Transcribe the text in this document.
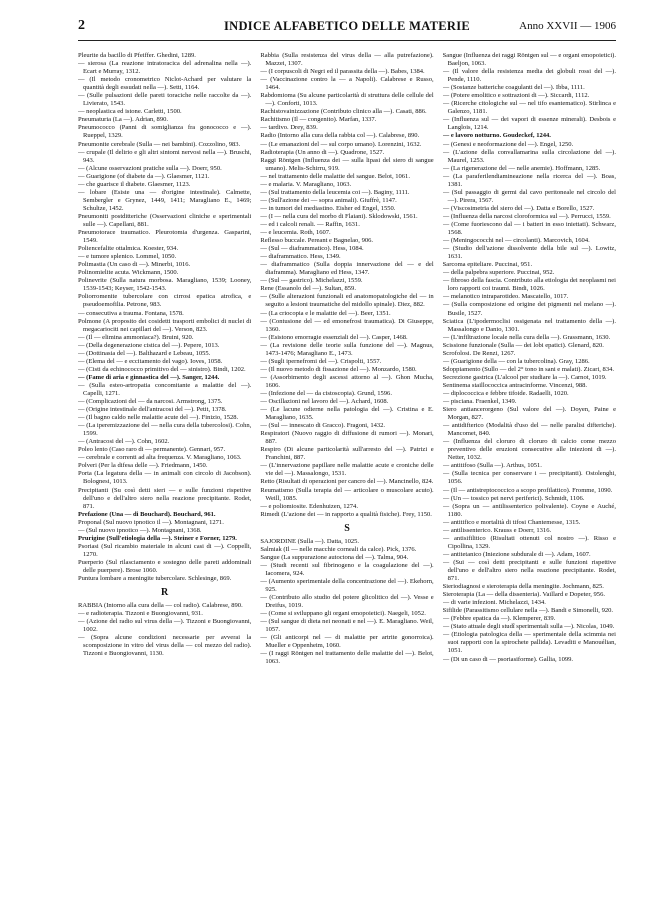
2	INDICE ALFABETICO DELLE MATERIE	Anno XXVII — 1906

Pleurite da bacillo di Pfeiffer. Ghedini, 1289.

— sierosa (La reazione intratoracica del adrenalina nella —). Ecart e Murray, 1312.

— (Il metodo cronometrico Niclot-Achard per valutare la quantità degli essudati nella —). Setti, 1164.

— (Sulle pulsazioni delle pareti toraciche nelle raccolte da —). Livierato, 1543.

— neoplastica ed istone. Carletti, 1500.

Pneumaturia (La —). Adrian, 890.

Pneumococco (Panni di somiglianza fra gonococco e —). Rueppel, 1329.

Pneumonite cerebrale (Sulla — nei bambini). Cozzolino, 983.

— crupale (Il delirio e gli altri sintomi nervosi nella —). Bruschi, 943.

— (Alcune osservazioni pratiche sulla —). Doerr, 950.

— Guarigione (of diabete da —). Glaesmer, 1121.

— che guarisce il diabete. Glaesmer, 1123.

— lobare (Esiste una — d'origine intestinale). Calmette, Sembergler e Grynez, 1449, 1411; Maragliano E., 1469; Schultze, 1452.

Pneumoniti postditteriche (Osservazioni cliniche e sperimentali sulle —). Capellani, 881.

Pneumotorace traumatico. Pleurotomia d'urgenza. Gasparini, 1549.

Poliencefalite ottalmica. Koester, 934.

— e tumore splenico. Lommel, 1050.

Polimastia (Un caso di —). Minerbi, 1016.

Polinomielite acuta. Wickmann, 1500.

Polinevrite (Sulla natura morbosa. Maragliano, 1539; Looney, 1539-1543; Keyser, 1542-1543.

Poliorromenite tubercolare con cirrosi epatica atrofica, e pseudoemofilia. Petrone, 983.

— consecutiva a trauma. Fontana, 1578.

Polmone (A proposito dei cosidetti trasporti embolici di nuclei di megacariociti nei capillari del —). Verson, 823.

— (Il — elimina ammoniaca?). Bruini, 920.

— (Della degenerazione cistica del —). Pepere, 1013.

— (Dottinasia del —). Balthazard e Lebeau, 1055.

— (Elema del — e eccitamento del vago). Ioves, 1058.

— (Cisti da echinococco primitivo del — sinistro). Bindi, 1202.

— (Fame di aria e ginnastica del —). Sanger, 1244.

— (Sulla esteo-artropatia concomitante a malattie del —). Capelli, 1271.

— (Complicazioni del — da narcosi. Armstrong, 1375.

— (Origine intestinale dell'antracosi del —). Petit, 1378.

— (Il bagno caldo nelle malattie acute del —). Finizio, 1528.

— (La iperemizzazione del — nella cura della tubercolosi). Cohn, 1599.

— (Antracosi del —). Cohn, 1602.

Poleo lento (Caso raro di — permanente). Gennari, 957.

— cerebrale e correnti ad alta frequenza. V. Maragliano, 1063.

Polveri (Per la difesa delle —). Friedmann, 1450.

Porta (La legatura della — in animali con circolo di Jacobson). Bolognesi, 1013.

Precipitanti (Su così detti sieri — e sulle funzioni rispettive dell'uno e dell'altro siero nella reazione precipitante. Rodet, 871.

Prefazione (Una — di Bouchard). Bouchard, 961.

Proponal (Sul nuovo ipnotico il —). Montagnani, 1271.

— (Sul nuovo ipnotico —). Montagnani, 1368.

Prurigine (Sull'etiologia della —). Steiner e Forner, 1279.

Psoriasi (Sul ricambio materiale in alcuni casi di —). Coppelli, 1270.

Puerperio (Sul rilasciamento e sostegno delle pareti addominali delle puerpere). Brose 1060.

Puntura lombare a meningite tubercolare. Schlesinge, 869.

R

RABBIA (Intorno alla cura della — col radio). Calabrese, 890.

— e radioterapia. Tizzoni e Buongiovanni, 931.

— (Azione del radio sul virus della —). Tizzoni e Buongiovanni, 1002.

— (Sopra alcune condizioni necessarie per avverai la scomposizione in vitro del virus della — col mezzo del radio). Tizzoni e Buongiovanni, 1130.

Rabbia (Sulla resistenza del virus della — alla putrefazione). Mazzei, 1307.

— (I corpuscoli di Negri ed il parassita della —). Babes, 1384.

— (Vaccinazione contro la — a Napoli). Calabrese e Russo, 1464.

Rabdomioma (Su alcune particolarità di struttura delle cellule del —). Conforti, 1013.

Rachistovainizzazione (Contributo clinico alla —). Casati, 886.

Rachitismo (Il — congenito). Marfan, 1337.

— tardivo. Drey, 839.

Radio (Intorno alla cura della rabbia col —). Calabrese, 890.

— (Le emanazioni del — sul corpo umano). Lorenzini, 1632.

Radioterapia (Un anno di —). Quadrone, 1527.

Raggi Röntgen (Influenza dei — sulla lipasi del siero di sangue umano). Melis-Schirru, 919.

— nel trattamento delle malattie del sangue. Belot, 1061.

— e malaria. V. Maragliano, 1063.

— (Sul trattamento della leucemia coi —). Baginy, 1111.

— (Sull'azione dei — sopra animali). Giuffrè, 1147.

— in tumori del mediastino. Eisher ed Engel, 1550.

— (I — nella cura del morbo di Flaiani). Sklodowski, 1561.

— ed i calcoli renali. — Raffin, 1631.

— e leucemia. Roth, 1607.

Reflesso buccale. Pereant e Bagnelao, 906.

— (Sul — diaframmatico). Hess, 1084.

— diaframmatico. Hess, 1349.

— diaframmatico (Sulla doppia innervazione del — e del diaframma). Maragliano ed Hess, 1347.

— (Sul — gastrico). Michelazzi, 1559.

Rene (Essanolo del —). Sultan, 859.

— (Sulle alterazioni funzionali ed anatomopatologiche del — in seguito a lesioni traumatiche del midollo spinale). Diez, 882.

— (La criocopia e le malattie del —). Beer, 1351.

— (Contusione del — ed emonefrosi traumatica). Di Giuseppe, 1360.

— (Esistono emorragie essenziali del —). Casper, 1468.

— (La revisione delle teorie sulla funzione del —). Magnus, 1473-1476; Maragliano E., 1473.

— (Sugli ipernefromi del —). Crispolti, 1557.

— (Il nuovo metodo di fissazione del —). Monzardo, 1580.

— (Assorbimento degli ascessi attorno al —). Ghon Mucha, 1606.

— (Infezione del — da cistoscopia). Grund, 1596.

— Oscillazioni nel lavoro del —). Achard, 1608.

— (Le lacune odierne nella patologia del —). Cristina e E. Maragliano, 1635.

— (Sul — innescato di Gracco). Fragoni, 1432.

Respiratori (Nuovo raggio di diffusione di rumori —). Monari, 887.

Respiro (Di alcune particolarità sull'arresto del —). Patrizi e Franchini, 887.

— (L'innervazione papillare nelle malattie acute e croniche delle vie del —). Massalongo, 1531.

Retto (Risultati di operazioni per cancro del —). Mancinello, 824.

Reumatismo (Sulla terapia del — articolare o muscolare acuto). Weill, 1085.

— e poliomiosite. Edenhuizen, 1274.

Rimedi (L'azione dei — in rapporto a qualità fisiche). Frey, 1150.

S

SAJORDINE (Sulla —). Datta, 1025.

Salmiak (Il — nelle macchie corneali da calce). Pick, 1376.

Sangue (La suppurazione autoctona del —). Talma, 904.

— (Studi recenti sul fibrinogeno e la coagulazione del —). Iacomera, 924.

— (Aumento sperimentale della concentrazione del —). Ekehorn, 925.

— (Contributo allo studio del potere glicolitico del —). Vesse e Dreifus, 1019.

— (Come si sviluppano gli organi emopoietici). Naegeli, 1052.

— (Sul sangue di dieta nei neonati e nel —). E. Maragliano. Weil, 1057.

— (Gli anticorpi nel — di malattie per artrite gonorroica). Mueller e Oppenheim, 1060.

— (I raggi Röntgen nel trattamento delle malattie del —). Belot, 1063.

Sangue (Influenza dei raggi Röntgen sul — e organi emopoietici). Baeljon, 1063.

— (Il valore della resistenza media dei globuli rossi del —). Pende, 1110.

— (Sostanze batteriche coagulanti del —). Ibba, 1111.

— (Potere emolitico e sottrazioni di —). Siccardi, 1112.

— (Ricerche citologiche sul — nel tifo esantematico). Stirlinca e Galenzo, 1181.

— (Influenza sul — dei vapori di essenze minerali). Desbois e Langlois, 1214.

— e lavoro notturno. Goudeckef, 1244.

— (Genesi e neoformazione del —). Engel, 1250.

— (L'azione della convallamarina sulla circolazione del —). Maurel, 1253.

— (La rigenerazione del — nelle anemie). Hoffmann, 1285.

— (La paraferilendiamineazione nella ricerca del —). Boas, 1381.

— (Sul passaggio di germi dal cavo peritoneale nel circolo del —). Pirera, 1567.

— (Viscosimetria del siero del —). Datta e Borello, 1527.

— (Influenza della narcosi cloroformica sul —). Perrucci, 1559.

— (Come fuoriescono dal — i batteri in esso iniettati). Schwarz, 1568.

— (Meningococchi nel — circolanti). Marcovich, 1604.

— (Studio dell'azione dissolvente della bile sul —). Lowitz, 1631.

Sarcoma epiteliare. Puccinai, 951.

— della palpebra superiore. Puccinai, 952.

— fibroso della fascia. Contributo alla etiologia dei neoplasmi nei loro rapporti coi traumi. Bindi, 1026.

— melanotico intraparotideo. Mascatello, 1017.

— (Sulla composizione ed origine dei pigmenti nel melano —). Busile, 1527.

Sciatica (L'ipodermoclisi ossigenata nel trattamento della —). Massalongo e Danio, 1301.

— (L'infiltrazione locale nella cura della —). Grassmann, 1630.

Scissione funzionale (Sulla — dei lobi epatici). Glenard, 820.

Scrofolosi. De Renzi, 1267.

— (Guarigione della — con la tubercolina). Gray, 1286.

Sdoppiamento (Sullo — del 2° tono in sani e malati). Zicari, 834.

Secrezione gastrica (L'alcool per studiare la —). Carnot, 1019.

Sentinema staillococcica antracinforme. Vincenzi, 988.

— diplococcica e febbre tifoide. Radaelli, 1020.

— pisciana. Fraenkel, 1349.

Siero antiancerorgeno (Sul valore del —). Doyen, Paine e Morgan, 827.

— antidifterico (Modalità d'uso del — nelle paralisi difteriche). Mancomet, 840.

— (Influenza del cloruro di cloruro di calcio come mezzo preventivo delle eruzioni consecutive alle iniezioni di —). Netter, 1032.

— antitifoso (Sulla —). Arthus, 1051.

— (Sulla tecnica per conservare i — precipitanti). Ostolenghi, 1056.

— (Il — antistreptococcico a scopo profilattico). Fromme, 1090.

— (Un — tossico pei nervi periferici). Schmidt, 1106.

— (Sopra un — antilissenterico polivalente). Coyne e Auché, 1180.

— antitifico e mortalità di tifosi Chantemesse, 1315.

— antilissenterico. Krauss e Doerr, 1316.

— antisifilitico (Risultati ottenuti col nostro —). Risso e Cipollina, 1329.

— antitetanico (Iniezione subdurale di —). Adam, 1607.

— (Sui — così detti precipitanti e sulle funzioni rispettive dell'uno e dell'altro siero nella reazione precipitante. Rodet, 871.

Sieriodiagnosi e sieroterapia della meningite. Jochmann, 825.

Sieroterapia (La — della dissenteria). Vaillard e Dopeter, 956.

— di varie infezioni. Michelazzi, 1434.

Sifilide (Parassitismo cellulare nella —). Bandi e Simonelli, 920.

— (Febbre epatica da —). Klemperer, 839.

— (Stato attuale degli studî sperimentali sulla —). Nicolas, 1049.

— (Etiologia patologica della — sperimentale della scimmia nei suoi rapporti con la spirochete pallida). Levaditi e Manouélian, 1051.

— (Di un caso di — psoriasiforme). Gallia, 1099.
